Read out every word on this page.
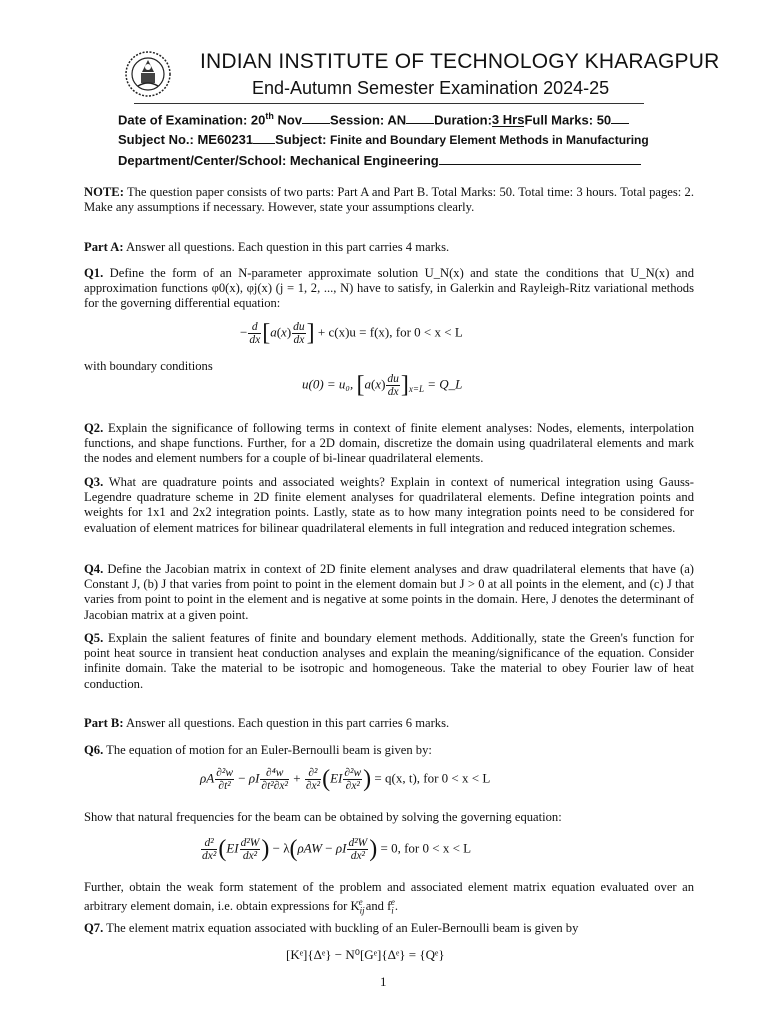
INDIAN INSTITUTE OF TECHNOLOGY KHARAGPUR
End-Autumn Semester Examination 2024-25
Date of Examination: 20th Nov Session: AN Duration:3 HrsFull Marks: 50
Subject No.: ME60231 Subject: Finite and Boundary Element Methods in Manufacturing
Department/Center/School: Mechanical Engineering
NOTE: The question paper consists of two parts: Part A and Part B. Total Marks: 50. Total time: 3 hours. Total pages: 2. Make any assumptions if necessary. However, state your assumptions clearly.
Part A: Answer all questions. Each question in this part carries 4 marks.
Q1. Define the form of an N-parameter approximate solution U_N(x) and state the conditions that U_N(x) and approximation functions φ0(x), φj(x) (j = 1, 2, ..., N) have to satisfy, in Galerkin and Rayleigh-Ritz variational methods for the governing differential equation:
− $\frac{d}{dx} [a(x) \frac{du}{dx}$ ] + c(x)u = f(x), for 0 < x < L
with boundary conditions
u(0) = u₀, $[a(x) \frac{du}{dx} ]_{x=L}$ = Q_L
Q2. Explain the significance of following terms in context of finite element analyses: Nodes, elements, interpolation functions, and shape functions. Further, for a 2D domain, discretize the domain using quadrilateral elements and mark the nodes and element numbers for a couple of bi-linear quadrilateral elements.
Q3. What are quadrature points and associated weights? Explain in context of numerical integration using Gauss-Legendre quadrature scheme in 2D finite element analyses for quadrilateral elements. Define integration points and weights for 1x1 and 2x2 integration points. Lastly, state as to how many integration points need to be considered for evaluation of element matrices for bilinear quadrilateral elements in full integration and reduced integration schemes.
Q4. Define the Jacobian matrix in context of 2D finite element analyses and draw quadrilateral elements that have (a) Constant J, (b) J that varies from point to point in the element domain but J > 0 at all points in the element, and (c) J that varies from point to point in the element and is negative at some points in the domain. Here, J denotes the determinant of Jacobian matrix at a given point.
Q5. Explain the salient features of finite and boundary element methods. Additionally, state the Green's function for point heat source in transient heat conduction analyses and explain the meaning/significance of the equation. Consider infinite domain. Take the material to be isotropic and homogeneous. Take the material to obey Fourier law of heat conduction.
Part B: Answer all questions. Each question in this part carries 6 marks.
Q6. The equation of motion for an Euler-Bernoulli beam is given by:
ρA $\frac{\text{∂²w}}{\text{∂t²}} - \rho I \frac{\text{∂⁴w}}{\text{∂t²∂x²}} + \frac{\text{∂²}}{\text{∂x²}} (EI \frac{\text{∂²w}}{\text{∂x²}}$ ) = q(x, t), for 0 < x < L
Show that natural frequencies for the beam can be obtained by solving the governing equation:
$\frac{\text{d²}}{\text{dx²}} (EI \frac{\text{d²W}}{\text{dx²}}$ ) − λ(ρAW − ρI $\frac{\text{d²W}}{\text{dx²}}$ ) = 0, for 0 < x < L
Further, obtain the weak form statement of the problem and associated element matrix equation evaluated over an arbitrary element domain, i.e. obtain expressions for $K_{ij}^e$ and $f_i^e$.
Q7. The element matrix equation associated with buckling of an Euler-Bernoulli beam is given by
[Kᵉ]{Δᵉ} − N⁰[Gᵉ]{Δᵉ} = {Qᵉ}
1
